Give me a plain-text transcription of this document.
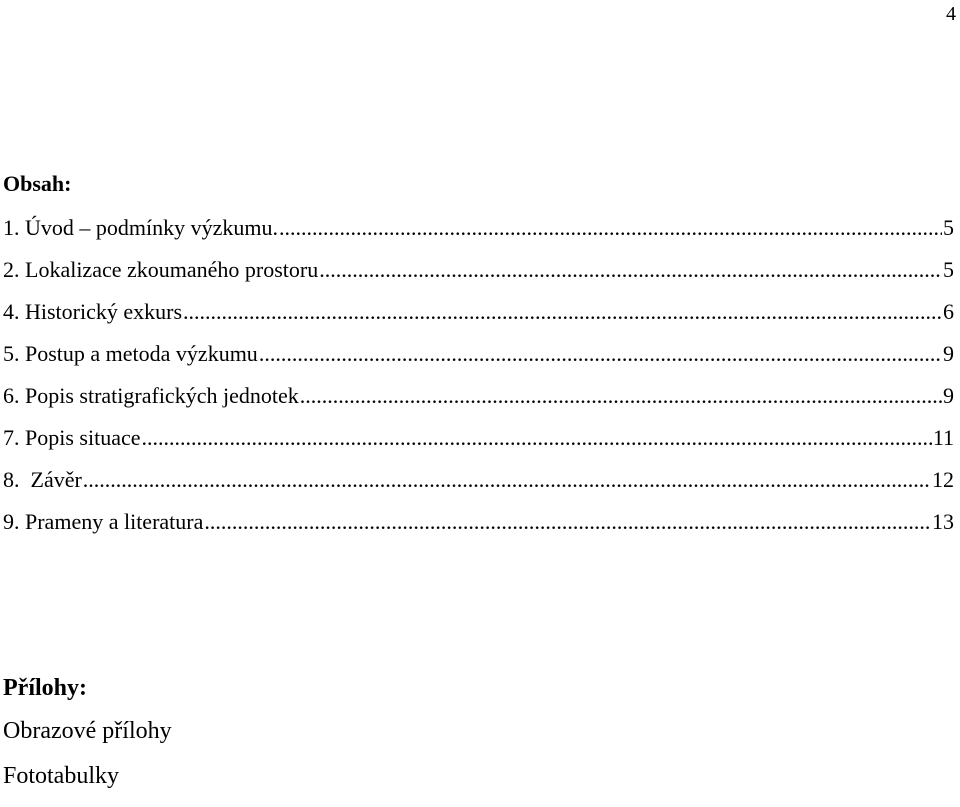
4
Obsah:
1. Úvod – podmínky výzkumu. .....	5
2. Lokalizace zkoumaného prostoru .....	5
4. Historický exkurs .....	6
5. Postup a metoda výzkumu .....	9
6. Popis stratigrafických jednotek .....	9
7. Popis situace .....	11
8.  Závěr .....	12
9. Prameny a literatura .....	13
Přílohy:
Obrazové přílohy
Fototabulky
